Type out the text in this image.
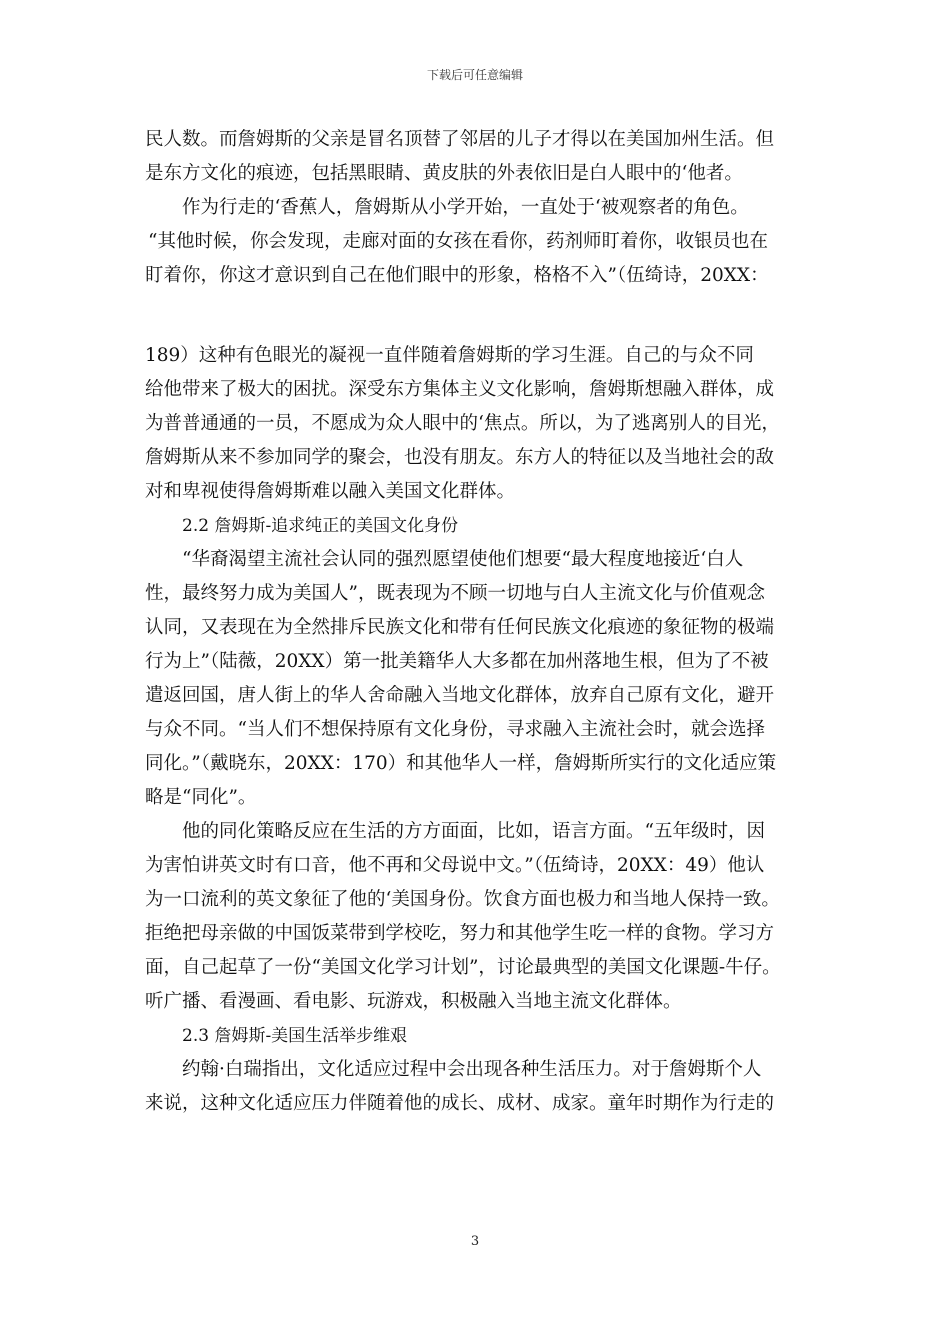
下载后可任意编辑
民人数。而詹姆斯的父亲是冒名顶替了邻居的儿子才得以在美国加州生活。但
是东方文化的痕迹，包括黑眼睛、黄皮肤的外表依旧是白人眼中的‘他者。
作为行走的‘香蕉人，詹姆斯从小学开始，一直处于‘被观察者的角色。
“其他时候，你会发现，走廊对面的女孩在看你，药剂师盯着你，收银员也在
盯着你，你这才意识到自己在他们眼中的形象，格格不入”（伍绮诗，20XX：
189）这种有色眼光的凝视一直伴随着詹姆斯的学习生涯。自己的与众不同
给他带来了极大的困扰。深受东方集体主义文化影响，詹姆斯想融入群体，成
为普普通通的一员，不愿成为众人眼中的‘焦点。所以，为了逃离别人的目光，
詹姆斯从来不参加同学的聚会，也没有朋友。东方人的特征以及当地社会的敌
对和卑视使得詹姆斯难以融入美国文化群体。
2.2 詹姆斯-追求纯正的美国文化身份
“华裔渴望主流社会认同的强烈愿望使他们想要“最大程度地接近‘白人
性，最终努力成为美国人”，既表现为不顾一切地与白人主流文化与价值观念
认同，又表现在为全然排斥民族文化和带有任何民族文化痕迹的象征物的极端
行为上”（陆薇，20XX）第一批美籍华人大多都在加州落地生根，但为了不被
遣返回国，唐人街上的华人舍命融入当地文化群体，放弃自己原有文化，避开
与众不同。“当人们不想保持原有文化身份，寻求融入主流社会时，就会选择
同化。”（戴晓东，20XX：170）和其他华人一样，詹姆斯所实行的文化适应策
略是“同化”。
他的同化策略反应在生活的方方面面，比如，语言方面。“五年级时，因
为害怕讲英文时有口音，他不再和父母说中文。”（伍绮诗，20XX：49）他认
为一口流利的英文象征了他的‘美国身份。饮食方面也极力和当地人保持一致。
拒绝把母亲做的中国饭菜带到学校吃，努力和其他学生吃一样的食物。学习方
面，自己起草了一份“美国文化学习计划”，讨论最典型的美国文化课题-牛仔。
听广播、看漫画、看电影、玩游戏，积极融入当地主流文化群体。
2.3 詹姆斯-美国生活举步维艰
约翰·白瑞指出，文化适应过程中会出现各种生活压力。对于詹姆斯个人
来说，这种文化适应压力伴随着他的成长、成材、成家。童年时期作为行走的
3
